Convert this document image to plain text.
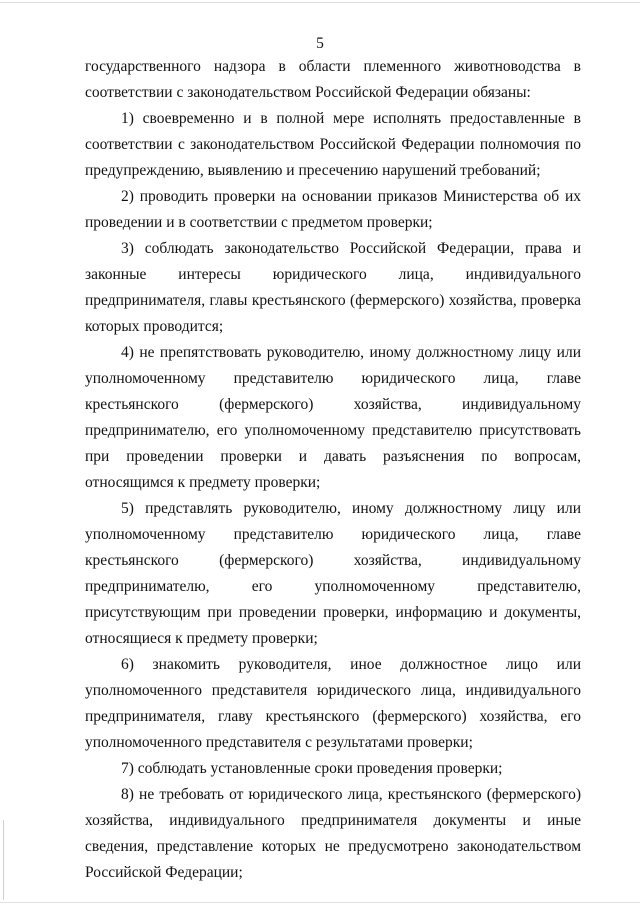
5

государственного надзора в области племенного животноводства в соответствии с законодательством Российской Федерации обязаны:

1) своевременно и в полной мере исполнять предоставленные в соответствии с законодательством Российской Федерации полномочия по предупреждению, выявлению и пресечению нарушений требований;

2) проводить проверки на основании приказов Министерства об их проведении и в соответствии с предметом проверки;

3) соблюдать законодательство Российской Федерации, права и законные интересы юридического лица, индивидуального предпринимателя, главы крестьянского (фермерского) хозяйства, проверка которых проводится;

4) не препятствовать руководителю, иному должностному лицу или уполномоченному представителю юридического лица, главе крестьянского (фермерского) хозяйства, индивидуальному предпринимателю, его уполномоченному представителю присутствовать при проведении проверки и давать разъяснения по вопросам, относящимся к предмету проверки;

5) представлять руководителю, иному должностному лицу или уполномоченному представителю юридического лица, главе крестьянского (фермерского) хозяйства, индивидуальному предпринимателю, его уполномоченному представителю, присутствующим при проведении проверки, информацию и документы, относящиеся к предмету проверки;

6) знакомить руководителя, иное должностное лицо или уполномоченного представителя юридического лица, индивидуального предпринимателя, главу крестьянского (фермерского) хозяйства, его уполномоченного представителя с результатами проверки;

7) соблюдать установленные сроки проведения проверки;

8) не требовать от юридического лица, крестьянского (фермерского) хозяйства, индивидуального предпринимателя документы и иные сведения, представление которых не предусмотрено законодательством Российской Федерации;
